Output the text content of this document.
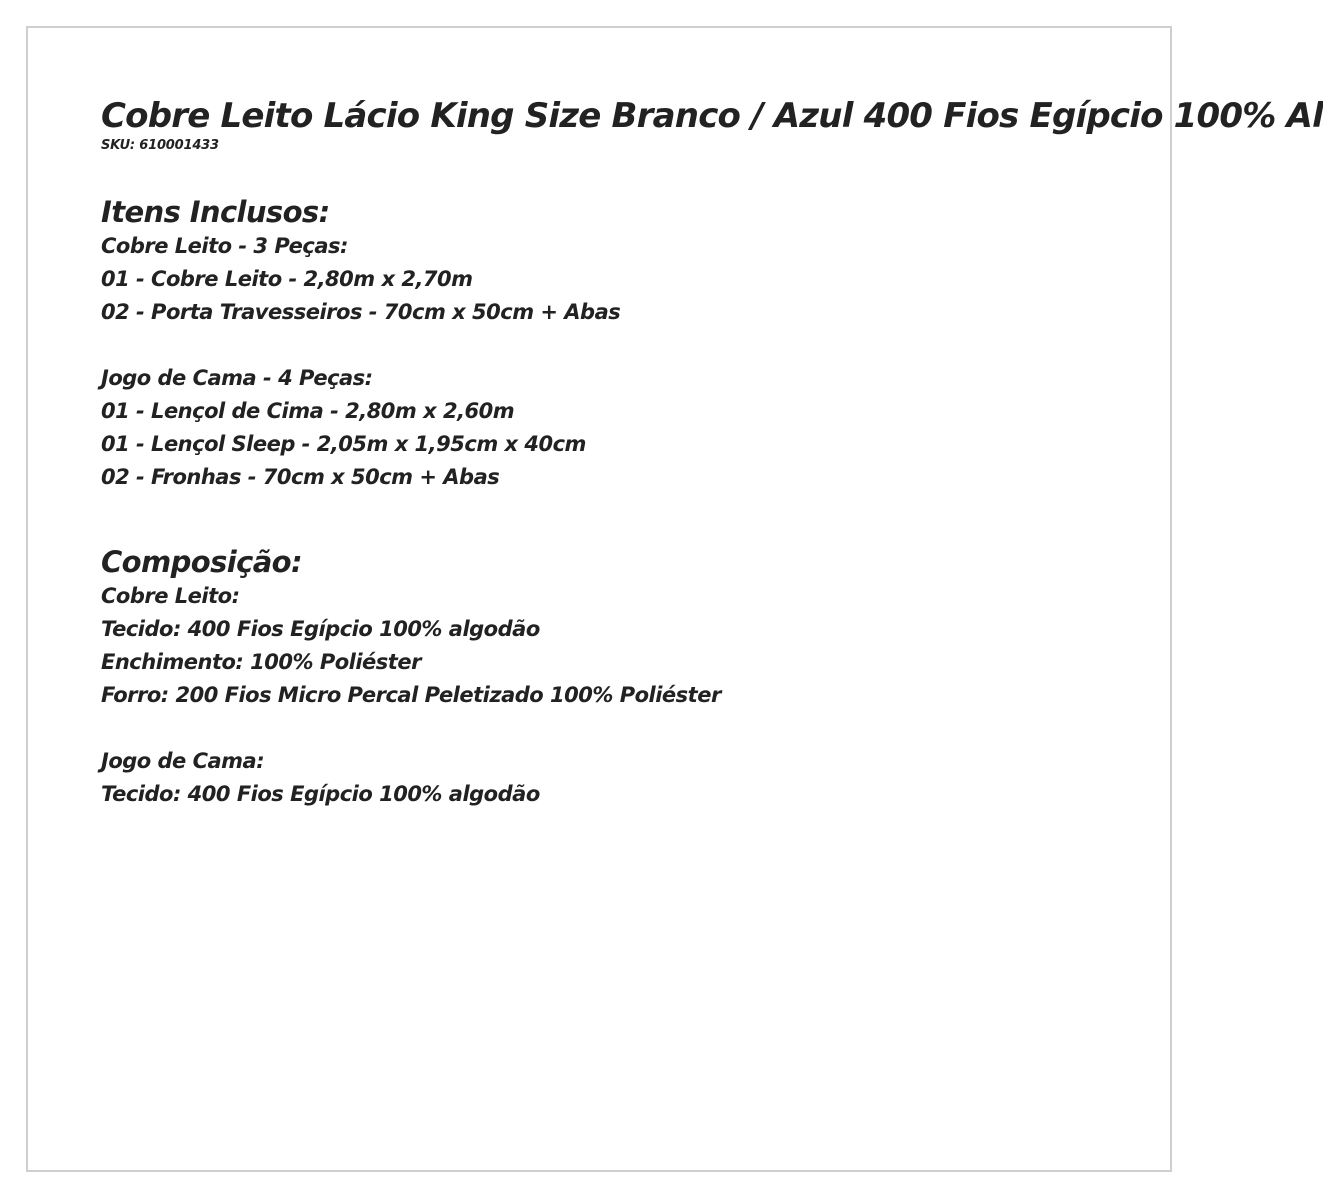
Cobre Leito Lácio King Size Branco / Azul 400 Fios Egípcio 100% Al

SKU: 610001433

Itens Inclusos:

Cobre Leito - 3 Peças:

01 - Cobre Leito - 2,80m x 2,70m

02 - Porta Travesseiros - 70cm x 50cm + Abas

Jogo de Cama - 4 Peças:

01 - Lençol de Cima - 2,80m x 2,60m

01 - Lençol Sleep - 2,05m x 1,95cm x 40cm

02 - Fronhas - 70cm x 50cm + Abas

Composição:

Cobre Leito:

Tecido: 400 Fios Egípcio 100% algodão

Enchimento: 100% Poliéster

Forro: 200 Fios Micro Percal Peletizado 100% Poliéster

Jogo de Cama:

Tecido: 400 Fios Egípcio 100% algodão
